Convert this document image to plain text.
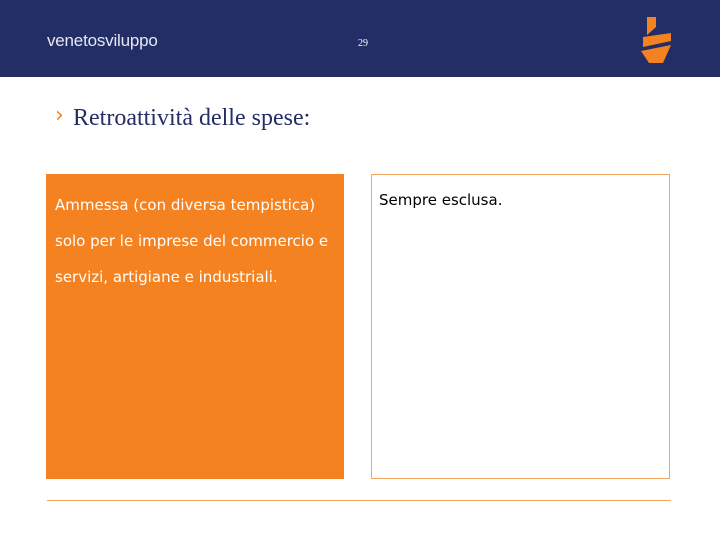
venetosviluppo	29
› Retroattività delle spese:
Ammessa (con diversa tempistica) solo per le imprese del commercio e servizi, artigiane e industriali.
Sempre esclusa.
